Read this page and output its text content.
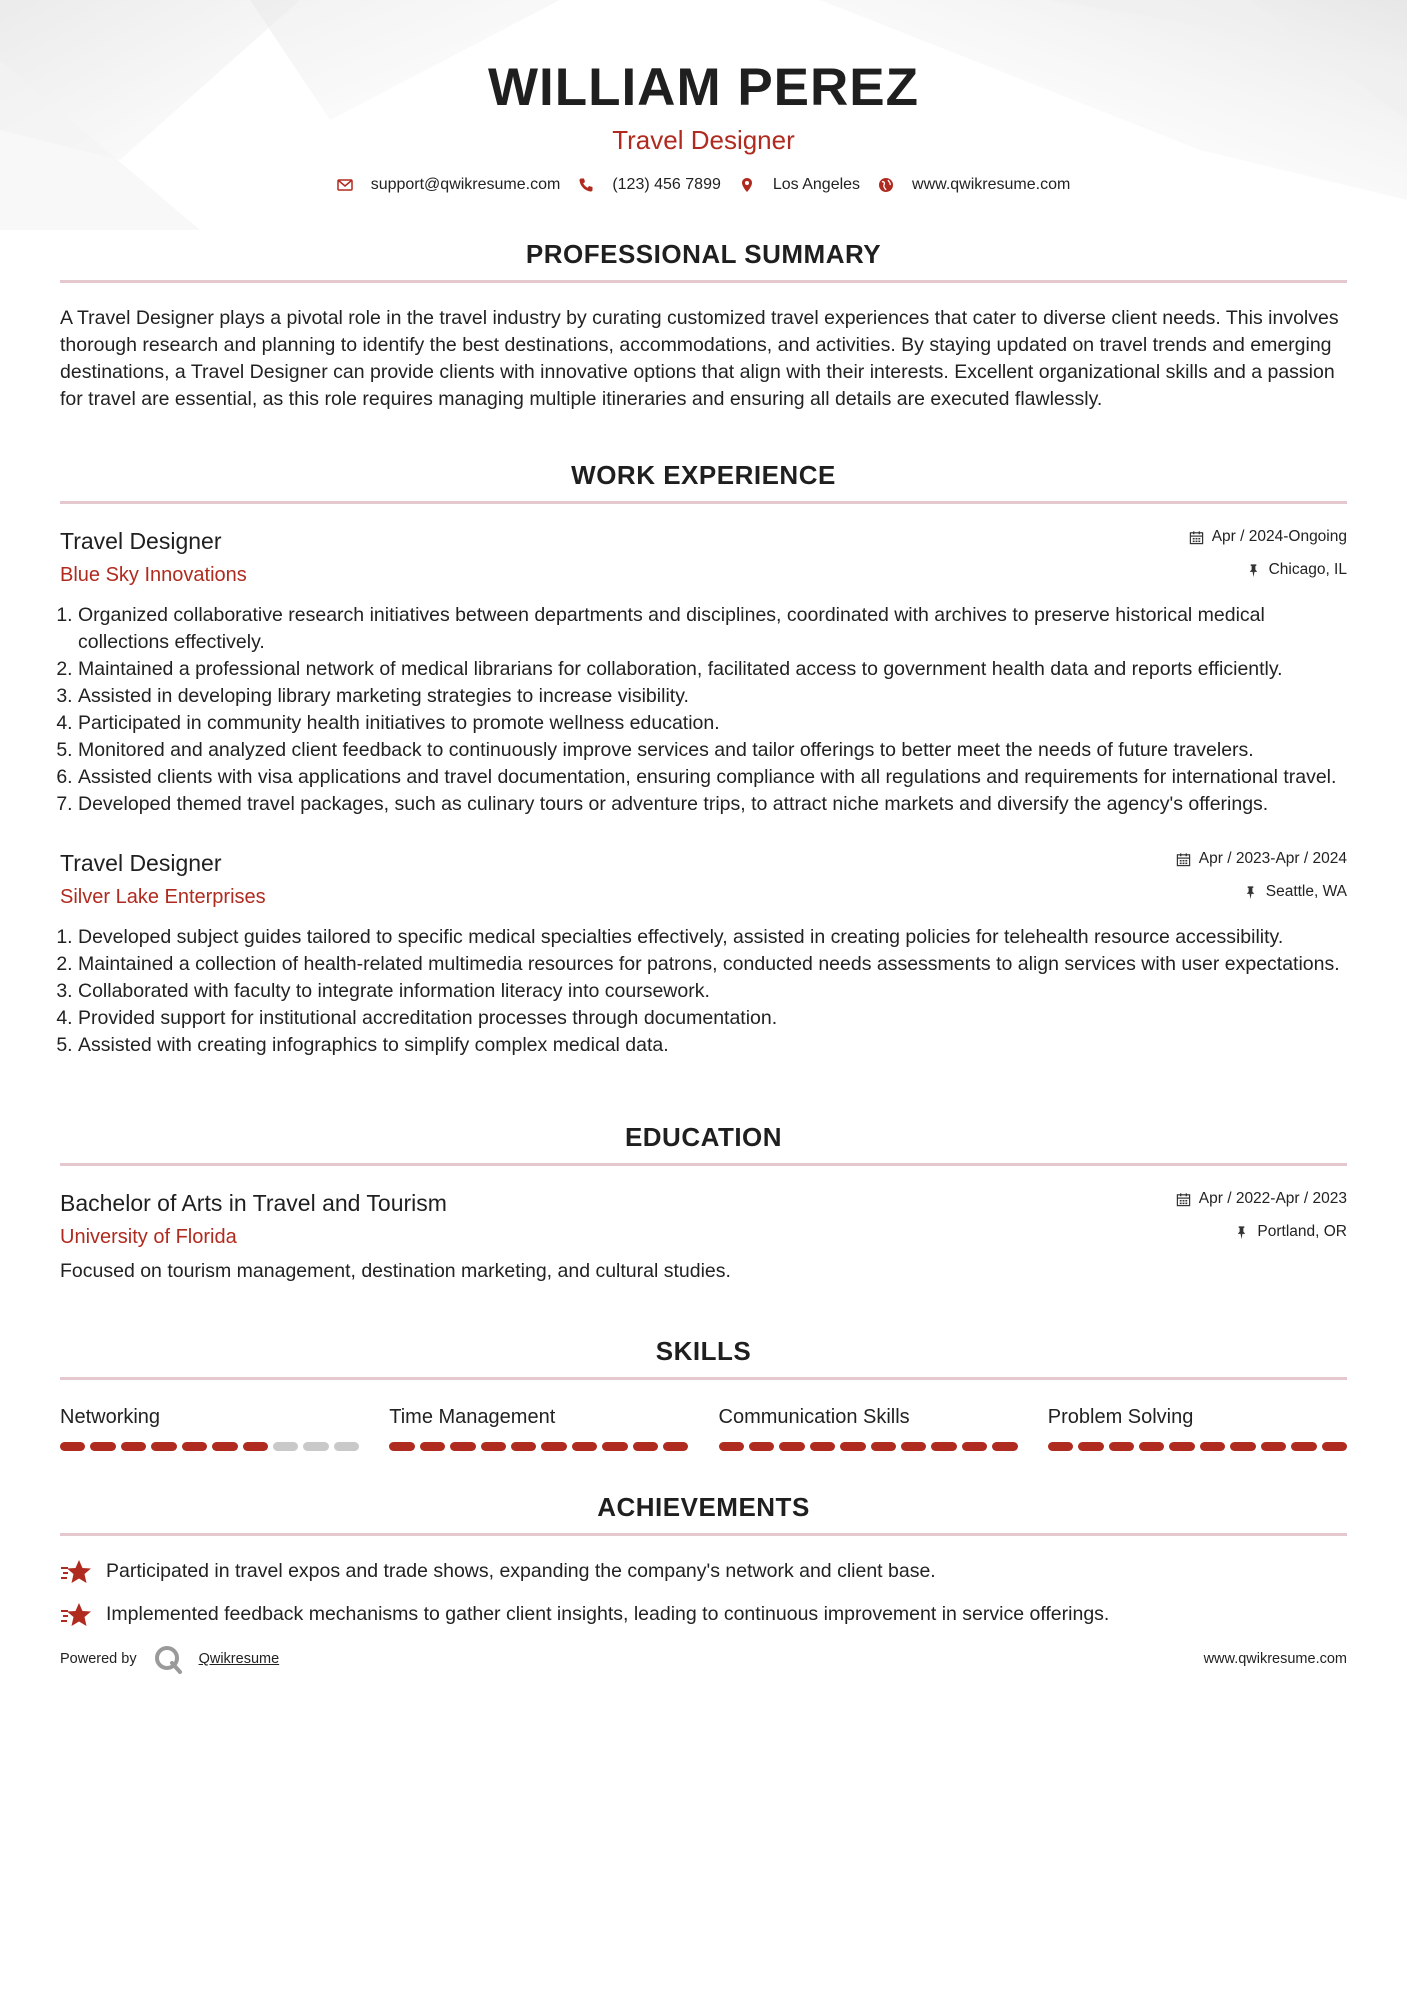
WILLIAM PEREZ
Travel Designer
support@qwikresume.com	(123) 456 7899	Los Angeles	www.qwikresume.com
PROFESSIONAL SUMMARY

A Travel Designer plays a pivotal role in the travel industry by curating customized travel experiences that cater to diverse client needs. This involves thorough research and planning to identify the best destinations, accommodations, and activities. By staying updated on travel trends and emerging destinations, a Travel Designer can provide clients with innovative options that align with their interests. Excellent organizational skills and a passion for travel are essential, as this role requires managing multiple itineraries and ensuring all details are executed flawlessly.

WORK EXPERIENCE
Travel Designer
Blue Sky Innovations
Apr / 2024-Ongoing
Chicago, IL
1. Organized collaborative research initiatives between departments and disciplines, coordinated with archives to preserve historical medical collections effectively.
2. Maintained a professional network of medical librarians for collaboration, facilitated access to government health data and reports efficiently.
3. Assisted in developing library marketing strategies to increase visibility.
4. Participated in community health initiatives to promote wellness education.
5. Monitored and analyzed client feedback to continuously improve services and tailor offerings to better meet the needs of future travelers.
6. Assisted clients with visa applications and travel documentation, ensuring compliance with all regulations and requirements for international travel.
7. Developed themed travel packages, such as culinary tours or adventure trips, to attract niche markets and diversify the agency's offerings.
Travel Designer
Silver Lake Enterprises
Apr / 2023-Apr / 2024
Seattle, WA
1. Developed subject guides tailored to specific medical specialties effectively, assisted in creating policies for telehealth resource accessibility.
2. Maintained a collection of health-related multimedia resources for patrons, conducted needs assessments to align services with user expectations.
3. Collaborated with faculty to integrate information literacy into coursework.
4. Provided support for institutional accreditation processes through documentation.
5. Assisted with creating infographics to simplify complex medical data.
EDUCATION
Bachelor of Arts in Travel and Tourism
University of Florida
Apr / 2022-Apr / 2023
Portland, OR

Focused on tourism management, destination marketing, and cultural studies.

SKILLS
Networking	Time Management	Communication Skills	Problem Solving
ACHIEVEMENTS
Participated in travel expos and trade shows, expanding the company's network and client base.
Implemented feedback mechanisms to gather client insights, leading to continuous improvement in service offerings.
Powered by	Qwikresume	www.qwikresume.com
